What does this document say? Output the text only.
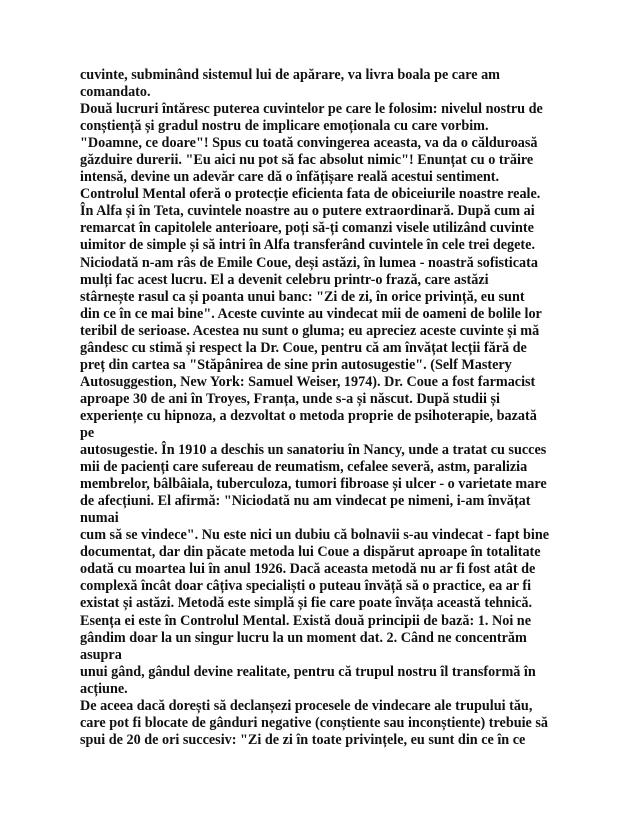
cuvinte, subminând sistemul lui de apărare, va livra boala pe care am
comandato.
Două lucruri întăresc puterea cuvintelor pe care le folosim: nivelul nostru de
conștiență și gradul nostru de implicare emoționala cu care vorbim.
"Doamne, ce doare"! Spus cu toată convingerea aceasta, va da o călduroasă
găzduire durerii. "Eu aici nu pot să fac absolut nimic"! Enunțat cu o trăire
intensă, devine un adevăr care dă o înfățișare reală acestui sentiment.
Controlul Mental oferă o protecție eficienta fata de obiceiurile noastre reale.
În Alfa și în Teta, cuvintele noastre au o putere extraordinară. După cum ai
remarcat în capitolele anterioare, poți să-ți comanzi visele utilizând cuvinte
uimitor de simple și să intri în Alfa transferând cuvintele în cele trei degete.
Niciodată n-am râs de Emile Coue, deși astăzi, în lumea - noastră sofisticata
mulți fac acest lucru. El a devenit celebru printr-o frază, care astăzi
stârnește rasul ca și poanta unui banc: "Zi de zi, în orice privință, eu sunt
din ce în ce mai bine". Aceste cuvinte au vindecat mii de oameni de bolile lor
teribil de serioase. Acestea nu sunt o gluma; eu apreciez aceste cuvinte și mă
gândesc cu stimă și respect la Dr. Coue, pentru că am învățat lecții fără de
preț din cartea sa "Stăpânirea de sine prin autosugestie". (Self Mastery
Autosuggestion, New York: Samuel Weiser, 1974). Dr. Coue a fost farmacist
aproape 30 de ani în Troyes, Franța, unde s-a și născut. După studii și
experiențe cu hipnoza, a dezvoltat o metoda proprie de psihoterapie, bazată
pe
autosugestie. În 1910 a deschis un sanatoriu în Nancy, unde a tratat cu succes
mii de pacienți care sufereau de reumatism, cefalee severă, astm, paralizia
membrelor, bâlbâiala, tuberculoza, tumori fibroase și ulcer - o varietate mare
de afecțiuni. El afirmă: "Niciodată nu am vindecat pe nimeni, i-am învățat
numai
cum să se vindece". Nu este nici un dubiu că bolnavii s-au vindecat - fapt bine
documentat, dar din păcate metoda lui Coue a dispărut aproape în totalitate
odată cu moartea lui în anul 1926. Dacă aceasta metodă nu ar fi fost atât de
complexă încât doar câțiva specialiști o puteau învăță să o practice, ea ar fi
existat și astăzi. Metodă este simplă și fie care poate învăța această tehnică.
Esența ei este în Controlul Mental. Există două principii de bază: 1. Noi ne
gândim doar la un singur lucru la un moment dat. 2. Când ne concentrăm
asupra
unui gând, gândul devine realitate, pentru că trupul nostru îl transformă în
acțiune.
De aceea dacă dorești să declanșezi procesele de vindecare ale trupului tău,
care pot fi blocate de gânduri negative (conștiente sau inconștiente) trebuie să
spui de 20 de ori succesiv: "Zi de zi în toate privințele, eu sunt din ce în ce
